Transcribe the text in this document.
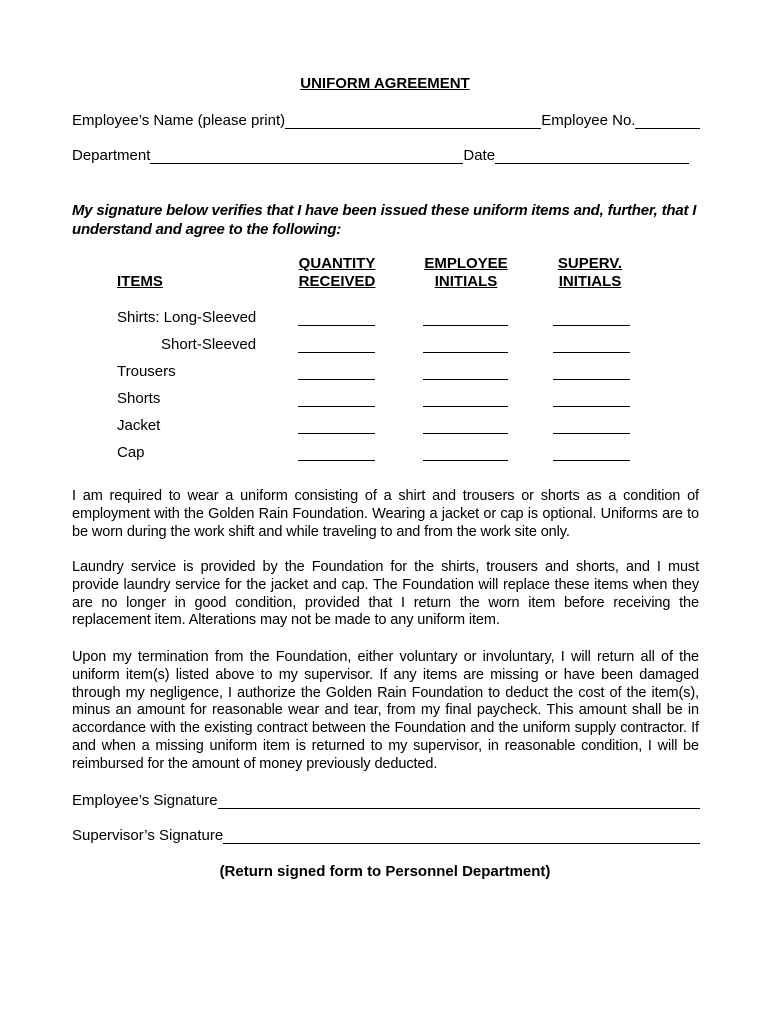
UNIFORM AGREEMENT
Employee’s Name (please print)	Employee No.
Department	Date
My signature below verifies that I have been issued these uniform items and, further, that I understand and agree to the following:
ITEMS
QUANTITY
RECEIVED
EMPLOYEE
INITIALS
SUPERV.
INITIALS
Shirts: Long-Sleeved
Short-Sleeved
Trousers
Shorts
Jacket
Cap
I am required to wear a uniform consisting of a shirt and trousers or shorts as a condition of employment with the Golden Rain Foundation. Wearing a jacket or cap is optional. Uniforms are to be worn during the work shift and while traveling to and from the work site only.
Laundry service is provided by the Foundation for the shirts, trousers and shorts, and I must provide laundry service for the jacket and cap. The Foundation will replace these items when they are no longer in good condition, provided that I return the worn item before receiving the replacement item. Alterations may not be made to any uniform item.
Upon my termination from the Foundation, either voluntary or involuntary, I will return all of the uniform item(s) listed above to my supervisor. If any items are missing or have been damaged through my negligence, I authorize the Golden Rain Foundation to deduct the cost of the item(s), minus an amount for reasonable wear and tear, from my final paycheck. This amount shall be in accordance with the existing contract between the Foundation and the uniform supply contractor. If and when a missing uniform item is returned to my supervisor, in reasonable condition, I will be reimbursed for the amount of money previously deducted.
Employee’s Signature
Supervisor’s Signature
(Return signed form to Personnel Department)
